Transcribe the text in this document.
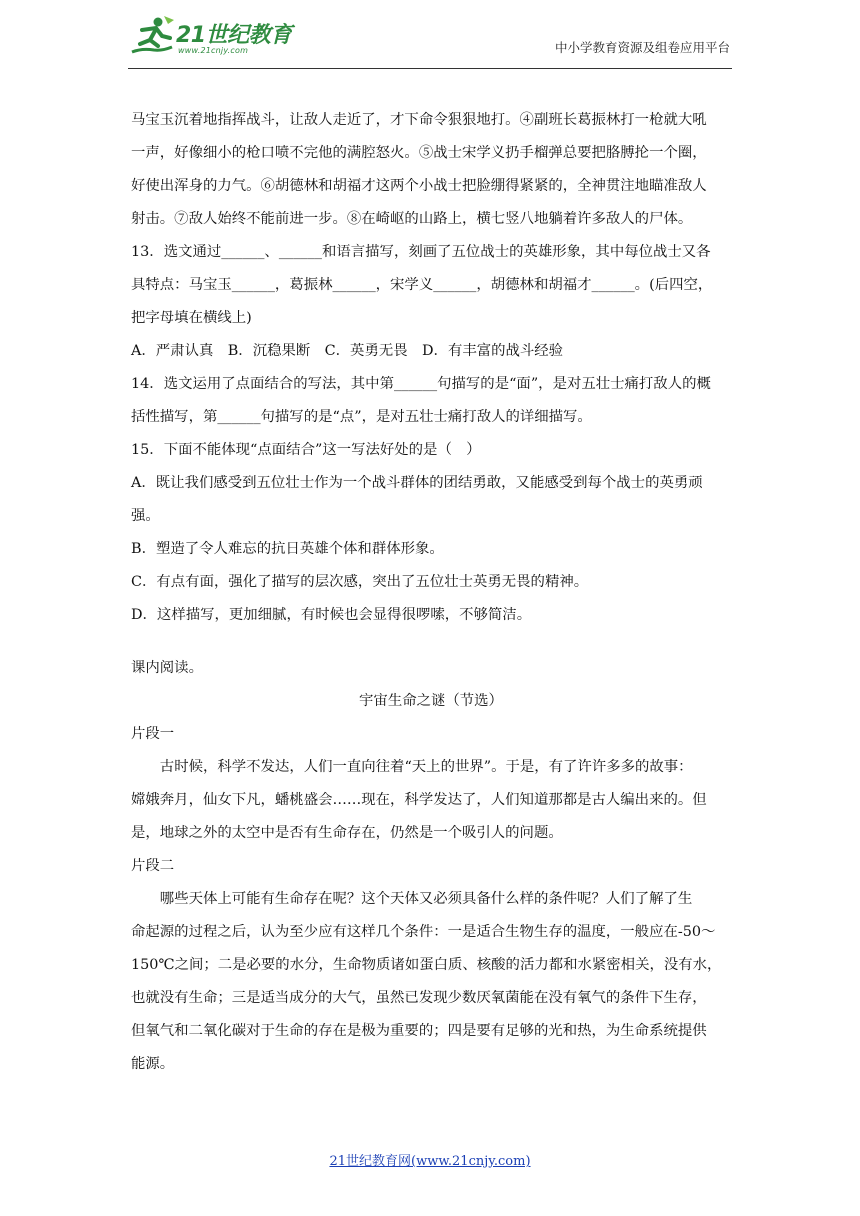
21世纪教育
www.21cnjy.com	中小学教育资源及组卷应用平台

马宝玉沉着地指挥战斗，让敌人走近了，才下命令狠狠地打。④副班长葛振林打一枪就大吼

一声，好像细小的枪口喷不完他的满腔怒火。⑤战士宋学义扔手榴弹总要把胳膊抡一个圈，

好使出浑身的力气。⑥胡德林和胡福才这两个小战士把脸绷得紧紧的，全神贯注地瞄准敌人

射击。⑦敌人始终不能前进一步。⑧在崎岖的山路上，横七竖八地躺着许多敌人的尸体。

13．选文通过______、______和语言描写，刻画了五位战士的英雄形象，其中每位战士又各

具特点：马宝玉______，葛振林______，宋学义______，胡德林和胡福才______。(后四空，

把字母填在横线上)

A．严肃认真　B．沉稳果断　C．英勇无畏　D．有丰富的战斗经验

14．选文运用了点面结合的写法，其中第______句描写的是“面”，是对五壮士痛打敌人的概

括性描写，第______句描写的是“点”，是对五壮士痛打敌人的详细描写。

15．下面不能体现“点面结合”这一写法好处的是（　）

A．既让我们感受到五位壮士作为一个战斗群体的团结勇敢，又能感受到每个战士的英勇顽

强。

B．塑造了令人难忘的抗日英雄个体和群体形象。

C．有点有面，强化了描写的层次感，突出了五位壮士英勇无畏的精神。

D．这样描写，更加细腻，有时候也会显得很啰嗦，不够简洁。

课内阅读。

宇宙生命之谜（节选）

片段一

古时候，科学不发达，人们一直向往着“天上的世界”。于是，有了许许多多的故事：

嫦娥奔月，仙女下凡，蟠桃盛会……现在，科学发达了，人们知道那都是古人编出来的。但

是，地球之外的太空中是否有生命存在，仍然是一个吸引人的问题。

片段二

哪些天体上可能有生命存在呢？这个天体又必须具备什么样的条件呢？人们了解了生

命起源的过程之后，认为至少应有这样几个条件：一是适合生物生存的温度，一般应在-50～

150℃之间；二是必要的水分，生命物质诸如蛋白质、核酸的活力都和水紧密相关，没有水，

也就没有生命；三是适当成分的大气，虽然已发现少数厌氧菌能在没有氧气的条件下生存，

但氧气和二氧化碳对于生命的存在是极为重要的；四是要有足够的光和热，为生命系统提供

能源。

21世纪教育网(www.21cnjy.com)
